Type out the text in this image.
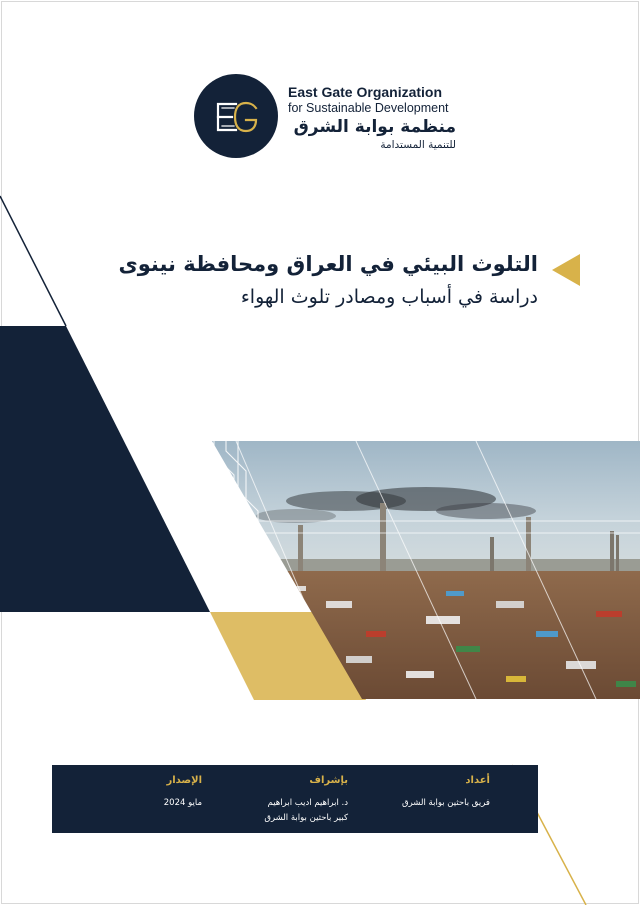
East Gate Organization
for Sustainable Development
منظمة بوابة الشرق
للتنمية المستدامة
التلوث البيئي في العراق ومحافظة نينوى
دراسة في أسباب ومصادر تلوث الهواء
أعداد
فريق باحثين بوابة الشرق
بإشراف
د. ابراهيم اديب ابراهيم
كبير باحثين بوابة الشرق
الإصدار
مايو 2024
